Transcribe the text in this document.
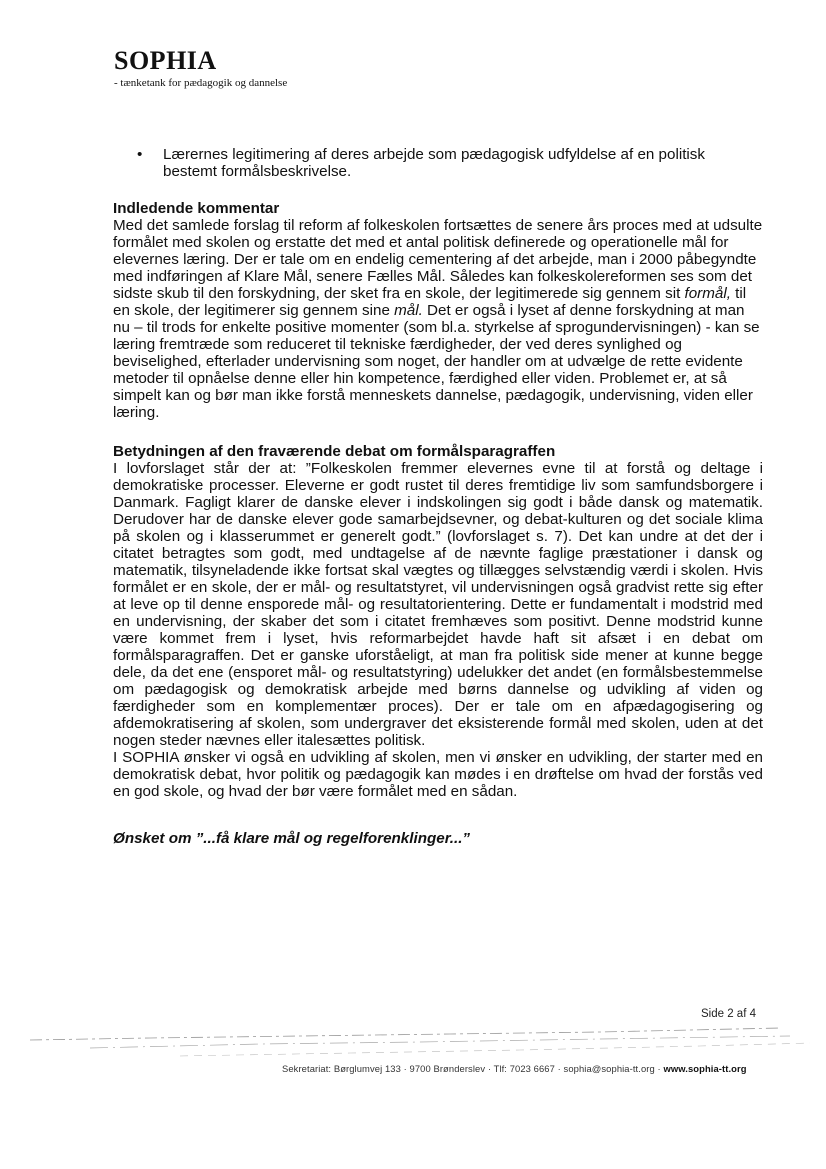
SOPHIA
- tænketank for pædagogik og dannelse
•	Lærernes legitimering af deres arbejde som pædagogisk udfyldelse af en politisk bestemt formålsbeskrivelse.
Indledende kommentar

Med det samlede forslag til reform af folkeskolen fortsættes de senere års proces med at udsulte formålet med skolen og erstatte det med et antal politisk definerede og operationelle mål for elevernes læring. Der er tale om en endelig cementering af det arbejde, man i 2000 påbegyndte med indføringen af Klare Mål, senere Fælles Mål. Således kan folkeskolereformen ses som det sidste skub til den forskydning, der sket fra en skole, der legitimerede sig gennem sit formål, til en skole, der legitimerer sig gennem sine mål. Det er også i lyset af denne forskydning at man nu – til trods for enkelte positive momenter (som bl.a. styrkelse af sprogundervisningen) - kan se læring fremtræde som reduceret til tekniske færdigheder, der ved deres synlighed og beviselighed, efterlader undervisning som noget, der handler om at udvælge de rette evidente metoder til opnåelse denne eller hin kompetence, færdighed eller viden. Problemet er, at så simpelt kan og bør man ikke forstå menneskets dannelse, pædagogik, undervisning, viden eller læring.

Betydningen af den fraværende debat om formålsparagraffen

I lovforslaget står der at: ”Folkeskolen fremmer elevernes evne til at forstå og deltage i demokratiske processer. Eleverne er godt rustet til deres fremtidige liv som samfundsborgere i Danmark. Fagligt klarer de danske elever i indskolingen sig godt i både dansk og matematik. Derudover har de danske elever gode samarbejdsevner, og debat-kulturen og det sociale klima på skolen og i klasserummet er generelt godt.” (lovforslaget s. 7). Det kan undre at det der i citatet betragtes som godt, med undtagelse af de nævnte faglige præstationer i dansk og matematik, tilsyneladende ikke fortsat skal vægtes og tillægges selvstændig værdi i skolen. Hvis formålet er en skole, der er mål- og resultatstyret, vil undervisningen også gradvist rette sig efter at leve op til denne ensporede mål- og resultatorientering. Dette er fundamentalt i modstrid med en undervisning, der skaber det som i citatet fremhæves som positivt. Denne modstrid kunne være kommet frem i lyset, hvis reformarbejdet havde haft sit afsæt i en debat om formålsparagraffen. Det er ganske uforståeligt, at man fra politisk side mener at kunne begge dele, da det ene (ensporet mål- og resultatstyring) udelukker det andet (en formålsbestemmelse om pædagogisk og demokratisk arbejde med børns dannelse og udvikling af viden og færdigheder som en komplementær proces). Der er tale om en afpædagogisering og afdemokratisering af skolen, som undergraver det eksisterende formål med skolen, uden at det nogen steder nævnes eller italesættes politisk.

I SOPHIA ønsker vi også en udvikling af skolen, men vi ønsker en udvikling, der starter med en demokratisk debat, hvor politik og pædagogik kan mødes i en drøftelse om hvad der forstås ved en god skole, og hvad der bør være formålet med en sådan.

Ønsket om ”...få klare mål og regelforenklinger...”
Side 2 af 4
Sekretariat: Børglumvej 133 · 9700 Brønderslev · Tlf: 7023 6667 · sophia@sophia-tt.org · www.sophia-tt.org
